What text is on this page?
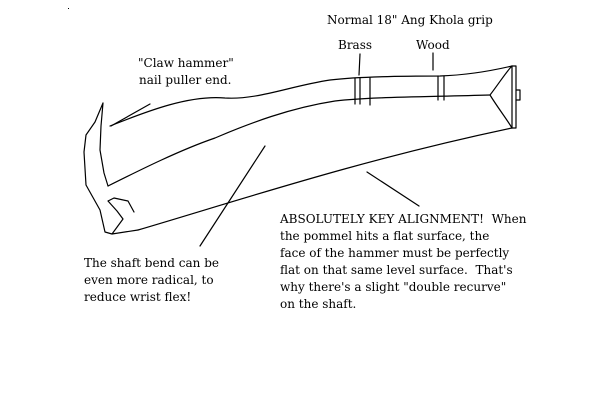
Normal 18" Ang Khola grip

Brass	Wood

"Claw hammer"

nail puller end.

ABSOLUTELY KEY ALIGNMENT!  When

the pommel hits a flat surface, the

face of the hammer must be perfectly

flat on that same level surface.  That's

why there's a slight "double recurve"

on the shaft.

The shaft bend can be

even more radical, to

reduce wrist flex!
